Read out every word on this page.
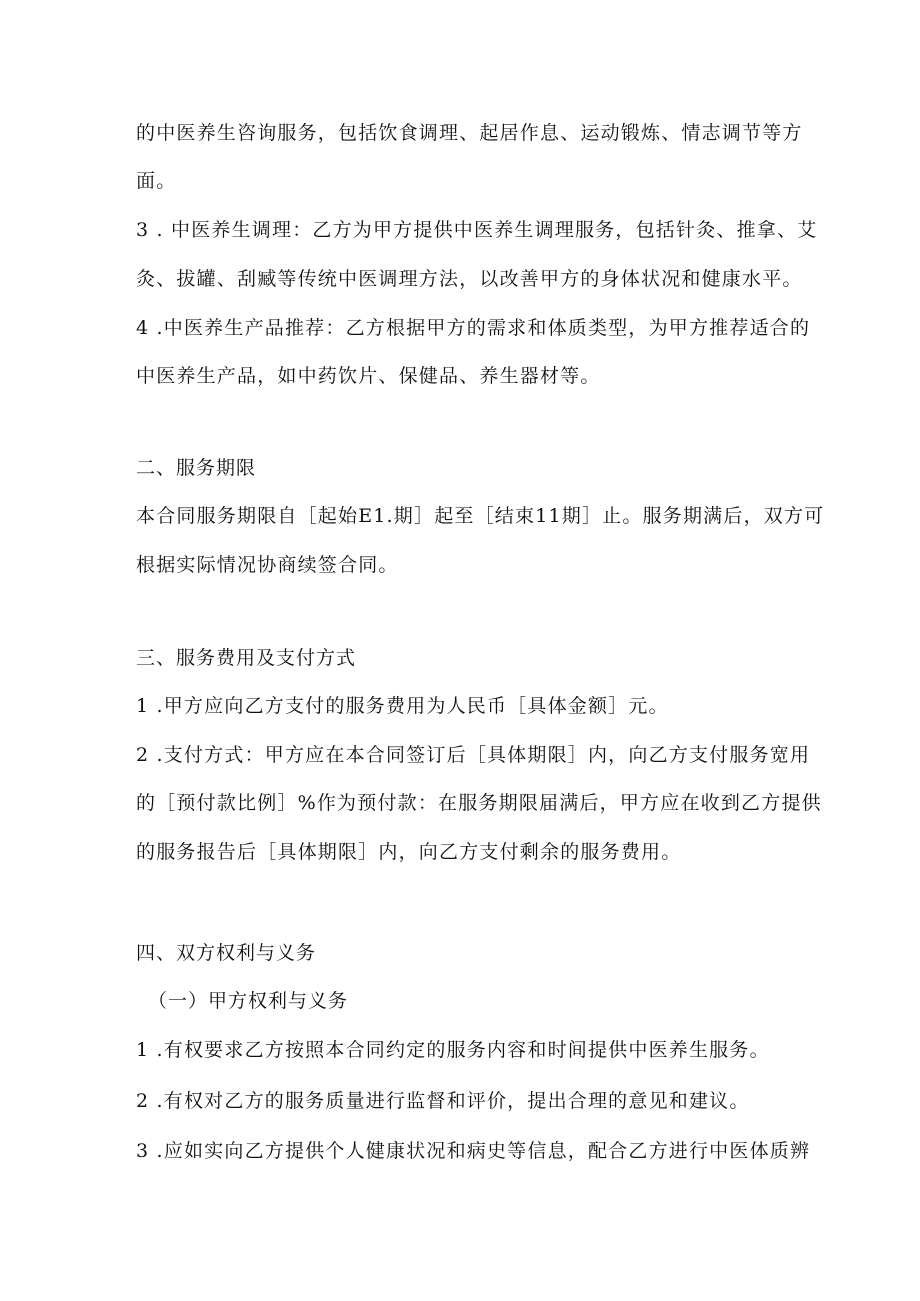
的中医养生咨询服务，包括饮食调理、起居作息、运动锻炼、情志调节等方
面。
3 . 中医养生调理：乙方为甲方提供中医养生调理服务，包括针灸、推拿、艾
灸、拔罐、刮臧等传统中医调理方法，以改善甲方的身体状况和健康水平。
4 .中医养生产品推荐：乙方根据甲方的需求和体质类型，为甲方推荐适合的
中医养生产品，如中药饮片、保健品、养生器材等。
二、服务期限
本合同服务期限自［起始E1.期］起至［结束11期］止。服务期满后，双方可
根据实际情况协商续签合同。
三、服务费用及支付方式
1 .甲方应向乙方支付的服务费用为人民币［具体金额］元。
2 .支付方式：甲方应在本合同签订后［具体期限］内，向乙方支付服务宽用
的［预付款比例］%作为预付款：在服务期限届满后，甲方应在收到乙方提供
的服务报告后［具体期限］内，向乙方支付剩余的服务费用。
四、双方权利与义务
（一）甲方权利与义务
1 .有权要求乙方按照本合同约定的服务内容和时间提供中医养生服务。
2 .有权对乙方的服务质量进行监督和评价，提出合理的意见和建议。
3 .应如实向乙方提供个人健康状况和病史等信息，配合乙方进行中医体质辨
